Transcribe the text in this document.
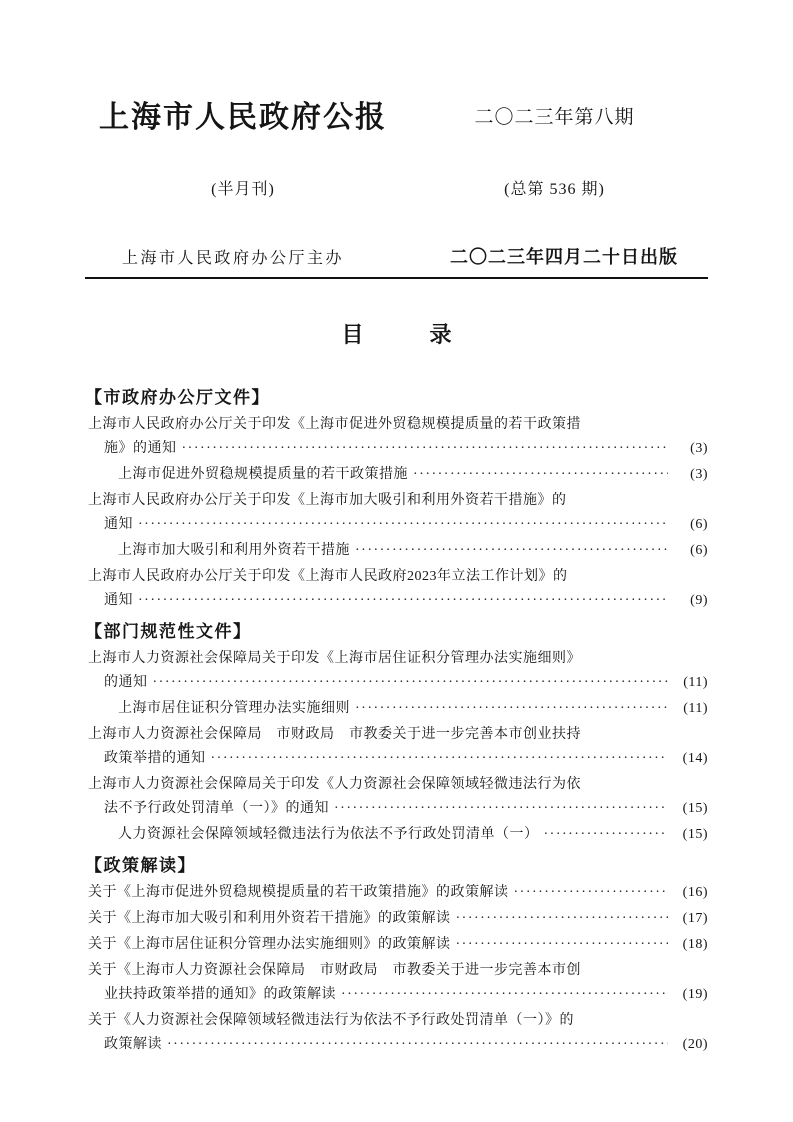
上海市人民政府公报	二〇二三年第八期
(半月刊)	(总第 536 期)
上海市人民政府办公厅主办	二〇二三年四月二十日出版
目　　　录
【市政府办公厅文件】
上海市人民政府办公厅关于印发《上海市促进外贸稳规模提质量的若干政策措
施》的通知 ·····	(3)
上海市促进外贸稳规模提质量的若干政策措施 ·····	(3)
上海市人民政府办公厅关于印发《上海市加大吸引和利用外资若干措施》的
通知 ·····	(6)
上海市加大吸引和利用外资若干措施 ·····	(6)
上海市人民政府办公厅关于印发《上海市人民政府2023年立法工作计划》的
通知 ·····	(9)
【部门规范性文件】
上海市人力资源社会保障局关于印发《上海市居住证积分管理办法实施细则》
的通知 ·····	(11)
上海市居住证积分管理办法实施细则 ·····	(11)
上海市人力资源社会保障局　市财政局　市教委关于进一步完善本市创业扶持
政策举措的通知 ·····	(14)
上海市人力资源社会保障局关于印发《人力资源社会保障领域轻微违法行为依
法不予行政处罚清单（一）》的通知 ·····	(15)
人力资源社会保障领域轻微违法行为依法不予行政处罚清单（一） ·····	(15)
【政策解读】
关于《上海市促进外贸稳规模提质量的若干政策措施》的政策解读 ·····	(16)
关于《上海市加大吸引和利用外资若干措施》的政策解读 ·····	(17)
关于《上海市居住证积分管理办法实施细则》的政策解读 ·····	(18)
关于《上海市人力资源社会保障局　市财政局　市教委关于进一步完善本市创
业扶持政策举措的通知》的政策解读 ·····	(19)
关于《人力资源社会保障领域轻微违法行为依法不予行政处罚清单（一）》的
政策解读 ·····	(20)
